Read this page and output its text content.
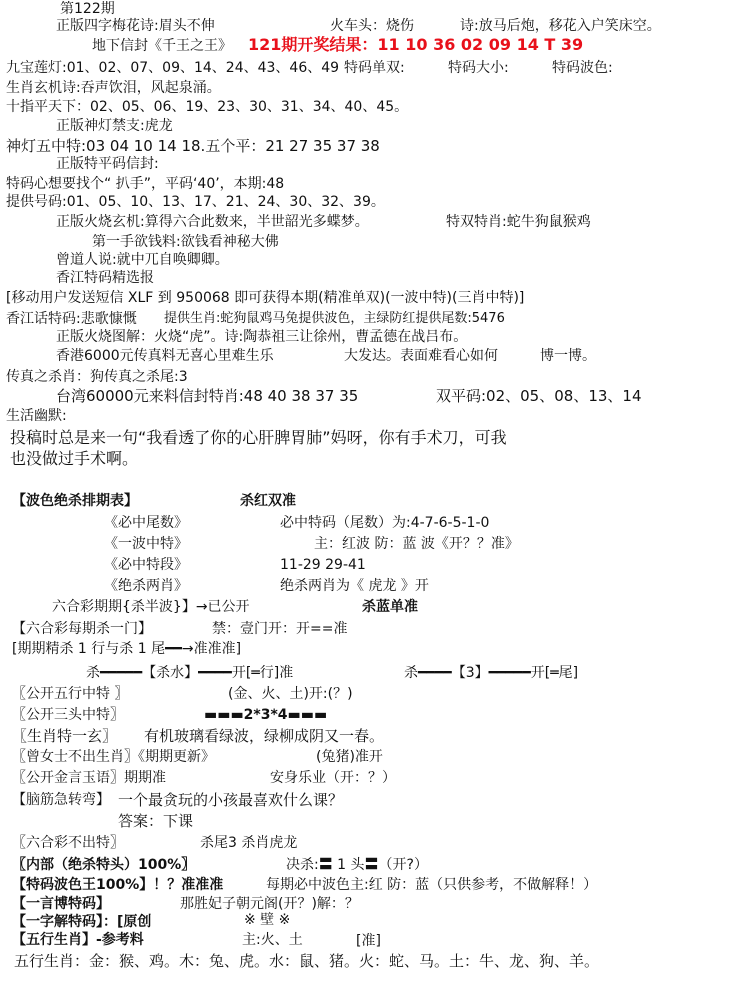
第122期
正版四字梅花诗:眉头不伸	火车头：烧伤	诗:放马后炮，移花入户笑床空。
地下信封《千王之王》 121期开奖结果：11 10 36 02 09 14 T 39
九宝莲灯:01、02、07、09、14、24、43、46、49 特码单双:	特码大小:	特码波色:
生肖玄机诗:吞声饮泪，风起泉涌。
十指平天下：02、05、06、19、23、30、31、34、40、45。
正版神灯禁支:虎龙
神灯五中特:03 04 10 14 18.五个平：21 27 35 37 38
正版特平码信封:
特码心想要找个“ 扒手”，平码‘40’，本期:48
提供号码:01、05、10、13、17、21、24、30、32、39。
正版火烧玄机:算得六合此数来，半世韶光多蝶梦。	特双特肖:蛇牛狗鼠猴鸡
第一手欲钱料:欲钱看神秘大佛
曾道人说:就中兀自唤卿卿。
香江特码精选报
[移动用户发送短信 XLF 到 950068 即可获得本期(精准单双)(一波中特)(三肖中特)]
香江话特码:悲歌慷慨 提供生肖:蛇狗鼠鸡马兔提供波色，主绿防红提供尾数:5476
正版火烧图解：火烧“虎”。诗:陶恭祖三让徐州，曹孟德在战吕布。
香港6000元传真料无喜心里难生乐	大发达。表面难看心如何	博一博。
传真之杀肖：狗传真之杀尾:3
台湾60000元来料信封特肖:48 40 38 37 35	双平码:02、05、08、13、14
生活幽默:
投稿时总是来一句“我看透了你的心肝脾胃肺”妈呀，你有手术刀，可我
也没做过手术啊。
【波色绝杀排期表】	杀红双准
《必中尾数》	必中特码（尾数）为:4-7-6-5-1-0
《一波中特》	主：红波 防：蓝 波《开？？准》
《必中特段》	11-29 29-41
《绝杀两肖》	绝杀两肖为《 虎龙 》开
六合彩期期{杀半波}】→已公开	杀蓝单准
【六合彩每期杀一门】	禁：壹门开：开==准
[期期精杀 1 行与杀 1 尾━━→准准准]
杀━━━━━【杀水】━━━━开[═行]准	杀━━━━【3】━━━━━开[═尾]
〖公开五行中特 〗	(金、火、土)开:(？)
〖公开三头中特〗	▬▬▬2*3*4▬▬▬
〖生肖特一玄〗 有机玻璃看绿波，绿柳成阴又一春。
〖曾女士不出生肖〗《期期更新》	(兔猪)准开
〖公开金言玉语〗期期准	安身乐业（开：？）
【脑筋急转弯】 一个最贪玩的小孩最喜欢什么课？
答案：下课
〖六合彩不出特〗	杀尾3 杀肖虎龙
〖内部（绝杀特头）100%〗	决杀:〓 1 头〓（开?）
【特码波色王100%】！？准准准	每期必中波色主:红 防：蓝（只供参考，不做解释！）
【一言博特码】	那胜妃子朝元阁(开？)解：？
【一字解特码】：[原创	※ 壁 ※
【五行生肖】-参考料	主:火、土	[准]
五行生肖：金：猴、鸡。木：兔、虎。水：鼠、猪。火：蛇、马。土：牛、龙、狗、羊。
